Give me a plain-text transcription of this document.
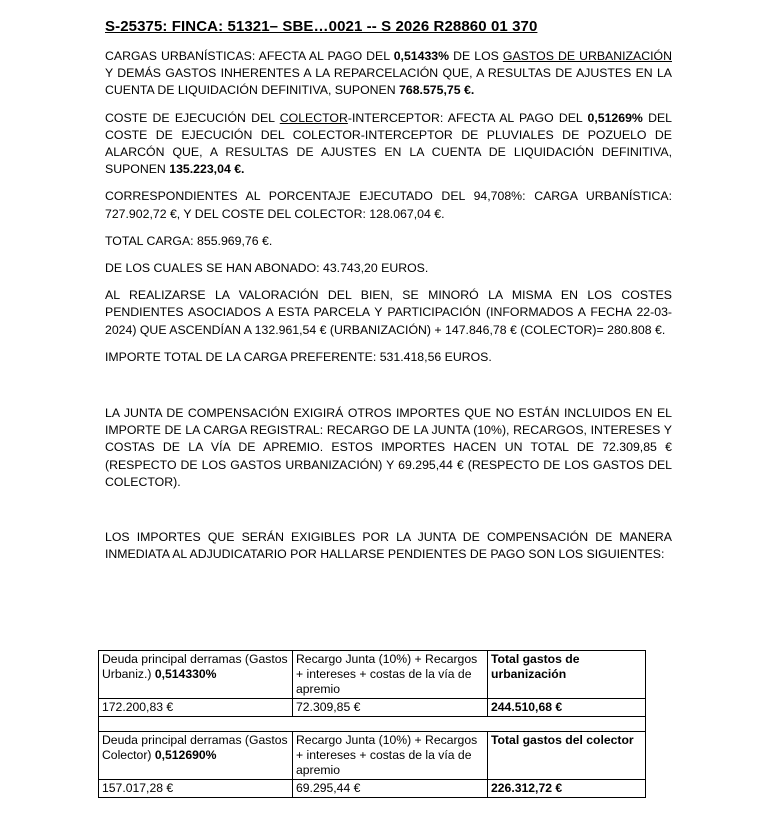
S-25375: FINCA: 51321– SBE…0021 -- S 2026 R28860 01 370

CARGAS URBANÍSTICAS: AFECTA AL PAGO DEL 0,51433% DE LOS GASTOS DE URBANIZACIÓN Y DEMÁS GASTOS INHERENTES A LA REPARCELACIÓN QUE, A RESULTAS DE AJUSTES EN LA CUENTA DE LIQUIDACIÓN DEFINITIVA, SUPONEN 768.575,75 €.

COSTE DE EJECUCIÓN DEL COLECTOR-INTERCEPTOR: AFECTA AL PAGO DEL 0,51269% DEL COSTE DE EJECUCIÓN DEL COLECTOR-INTERCEPTOR DE PLUVIALES DE POZUELO DE ALARCÓN QUE, A RESULTAS DE AJUSTES EN LA CUENTA DE LIQUIDACIÓN DEFINITIVA, SUPONEN 135.223,04 €.

CORRESPONDIENTES AL PORCENTAJE EJECUTADO DEL 94,708%: CARGA URBANÍSTICA: 727.902,72 €, Y DEL COSTE DEL COLECTOR: 128.067,04 €.

TOTAL CARGA: 855.969,76 €.

DE LOS CUALES SE HAN ABONADO: 43.743,20 EUROS.

AL REALIZARSE LA VALORACIÓN DEL BIEN, SE MINORÓ LA MISMA EN LOS COSTES PENDIENTES ASOCIADOS A ESTA PARCELA Y PARTICIPACIÓN (INFORMADOS A FECHA 22-03-2024) QUE ASCENDÍAN A 132.961,54 € (URBANIZACIÓN) + 147.846,78 € (COLECTOR)= 280.808 €.

IMPORTE TOTAL DE LA CARGA PREFERENTE: 531.418,56 EUROS.

LA JUNTA DE COMPENSACIÓN EXIGIRÁ OTROS IMPORTES QUE NO ESTÁN INCLUIDOS EN EL IMPORTE DE LA CARGA REGISTRAL: RECARGO DE LA JUNTA (10%), RECARGOS, INTERESES Y COSTAS DE LA VÍA DE APREMIO. ESTOS IMPORTES HACEN UN TOTAL DE 72.309,85 € (RESPECTO DE LOS GASTOS URBANIZACIÓN) Y 69.295,44 € (RESPECTO DE LOS GASTOS DEL COLECTOR).

LOS IMPORTES QUE SERÁN EXIGIBLES POR LA JUNTA DE COMPENSACIÓN DE MANERA INMEDIATA AL ADJUDICATARIO POR HALLARSE PENDIENTES DE PAGO SON LOS SIGUIENTES:

Deuda principal derramas (Gastos Urbaniz.) 0,514330%	Recargo Junta (10%) + Recargos + intereses + costas de la vía de apremio	Total gastos de urbanización
172.200,83 €	72.309,85 €	244.510,68 €

Deuda principal derramas (Gastos Colector) 0,512690%	Recargo Junta (10%) + Recargos + intereses + costas de la vía de apremio	Total gastos del colector
157.017,28 €	69.295,44 €	226.312,72 €
